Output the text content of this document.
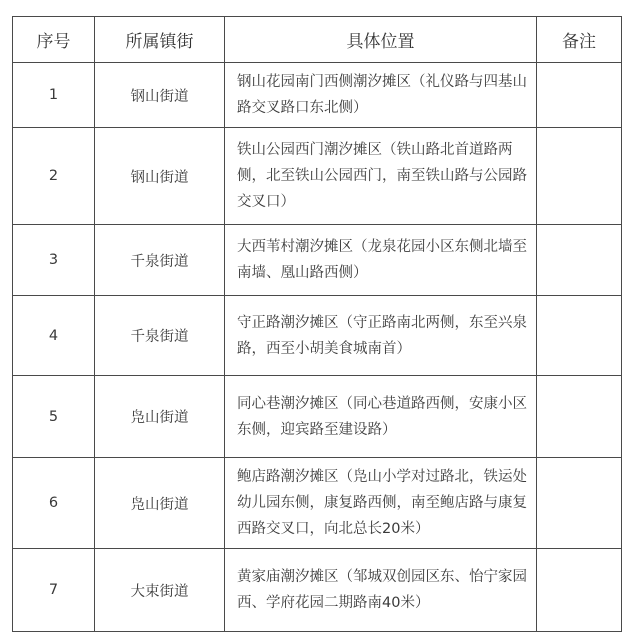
序号	所属镇街	具体位置	备注
1	钢山街道	钢山花园南门西侧潮汐摊区（礼仪路与四基山路交叉路口东北侧）	
2	钢山街道	铁山公园西门潮汐摊区（铁山路北首道路两侧，北至铁山公园西门，南至铁山路与公园路交叉口）	
3	千泉街道	大西苇村潮汐摊区（龙泉花园小区东侧北墙至南墙、凰山路西侧）	
4	千泉街道	守正路潮汐摊区（守正路南北两侧，东至兴泉路，西至小胡美食城南首）	
5	凫山街道	同心巷潮汐摊区（同心巷道路西侧，安康小区东侧，迎宾路至建设路）	
6	凫山街道	鲍店路潮汐摊区（凫山小学对过路北，铁运处幼儿园东侧，康复路西侧，南至鲍店路与康复西路交叉口，向北总长20米）	
7	大束街道	黄家庙潮汐摊区（邹城双创园区东、怡宁家园西、学府花园二期路南40米）	
